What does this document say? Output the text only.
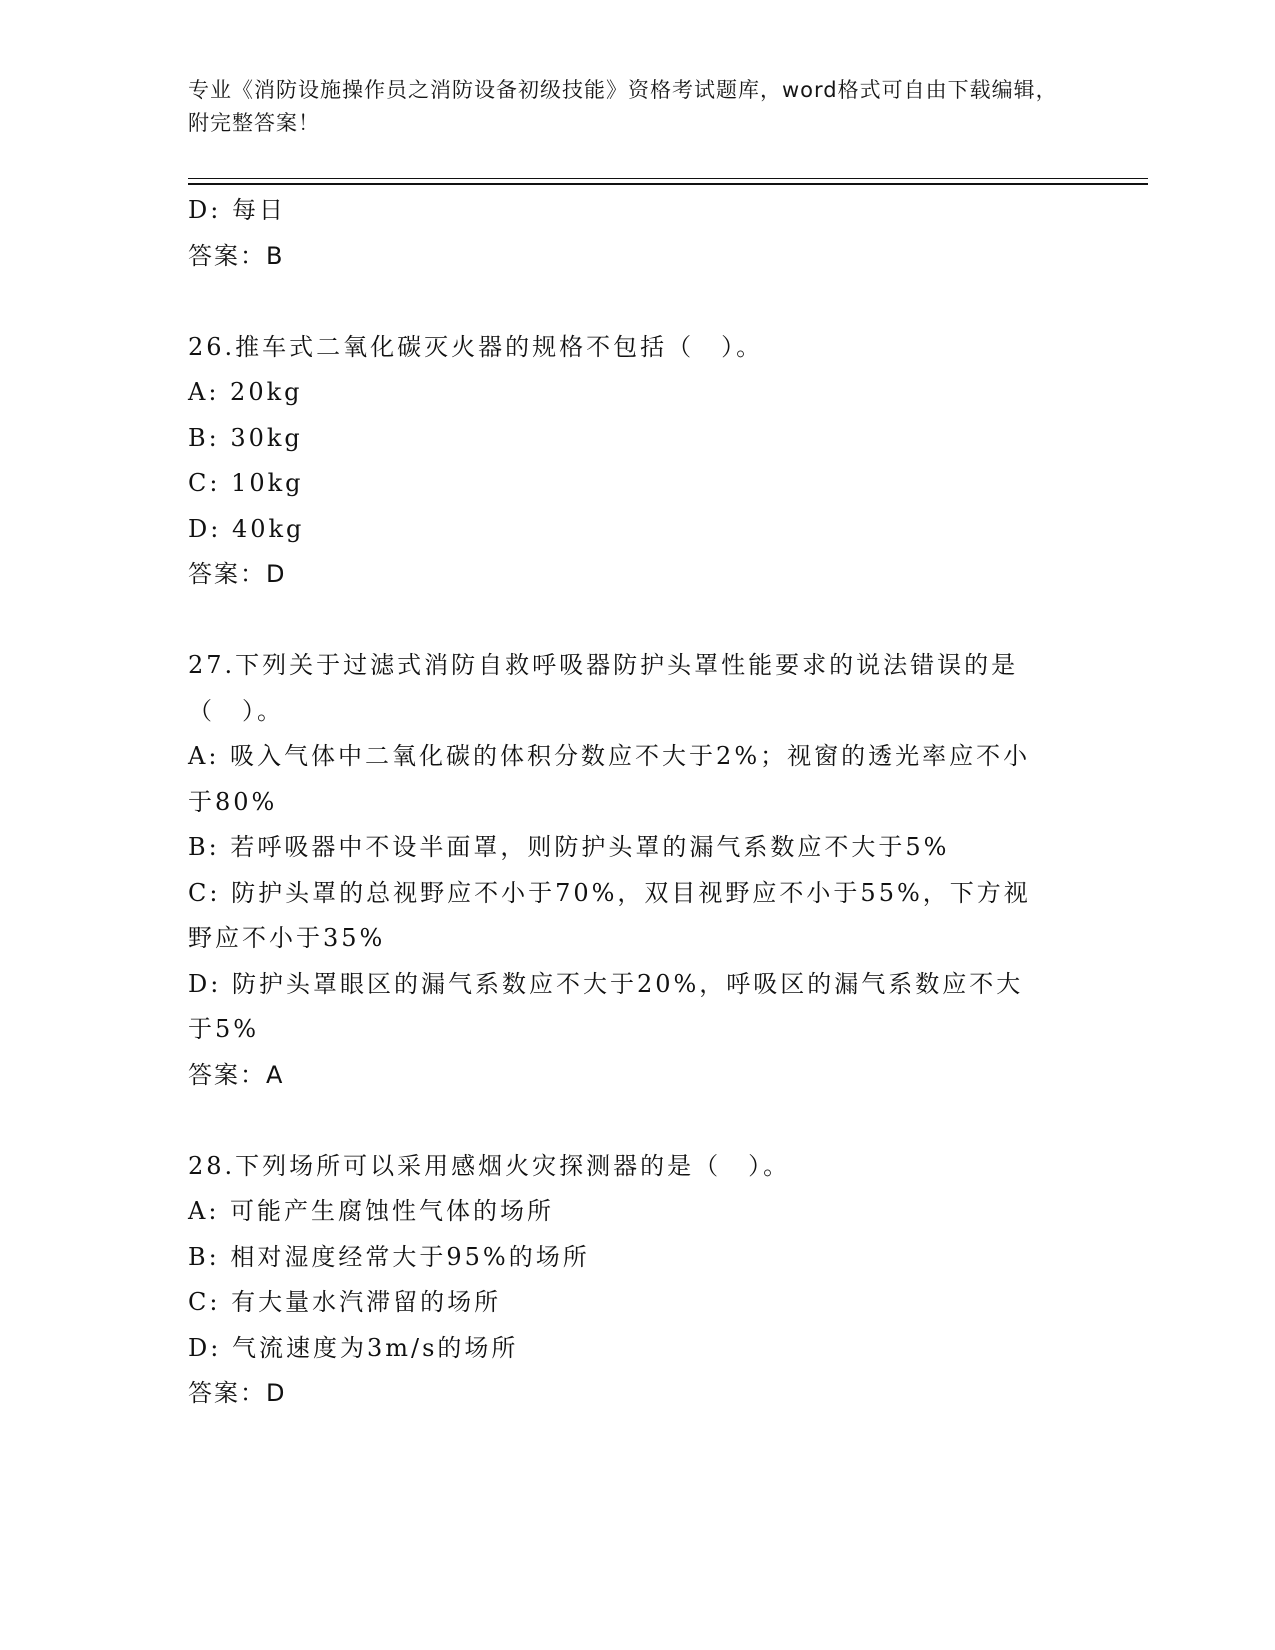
专业《消防设施操作员之消防设备初级技能》资格考试题库，word格式可自由下载编辑，附完整答案！
D: 每日
答案：B
26.推车式二氧化碳灭火器的规格不包括（　）。
A: 20kg
B: 30kg
C: 10kg
D: 40kg
答案：D
27.下列关于过滤式消防自救呼吸器防护头罩性能要求的说法错误的是
（　）。
A: 吸入气体中二氧化碳的体积分数应不大于2%；视窗的透光率应不小
于80%
B: 若呼吸器中不设半面罩，则防护头罩的漏气系数应不大于5%
C: 防护头罩的总视野应不小于70%，双目视野应不小于55%，下方视
野应不小于35%
D: 防护头罩眼区的漏气系数应不大于20%，呼吸区的漏气系数应不大
于5%
答案：A
28.下列场所可以采用感烟火灾探测器的是（　）。
A: 可能产生腐蚀性气体的场所
B: 相对湿度经常大于95%的场所
C: 有大量水汽滞留的场所
D: 气流速度为3m/s的场所
答案：D
